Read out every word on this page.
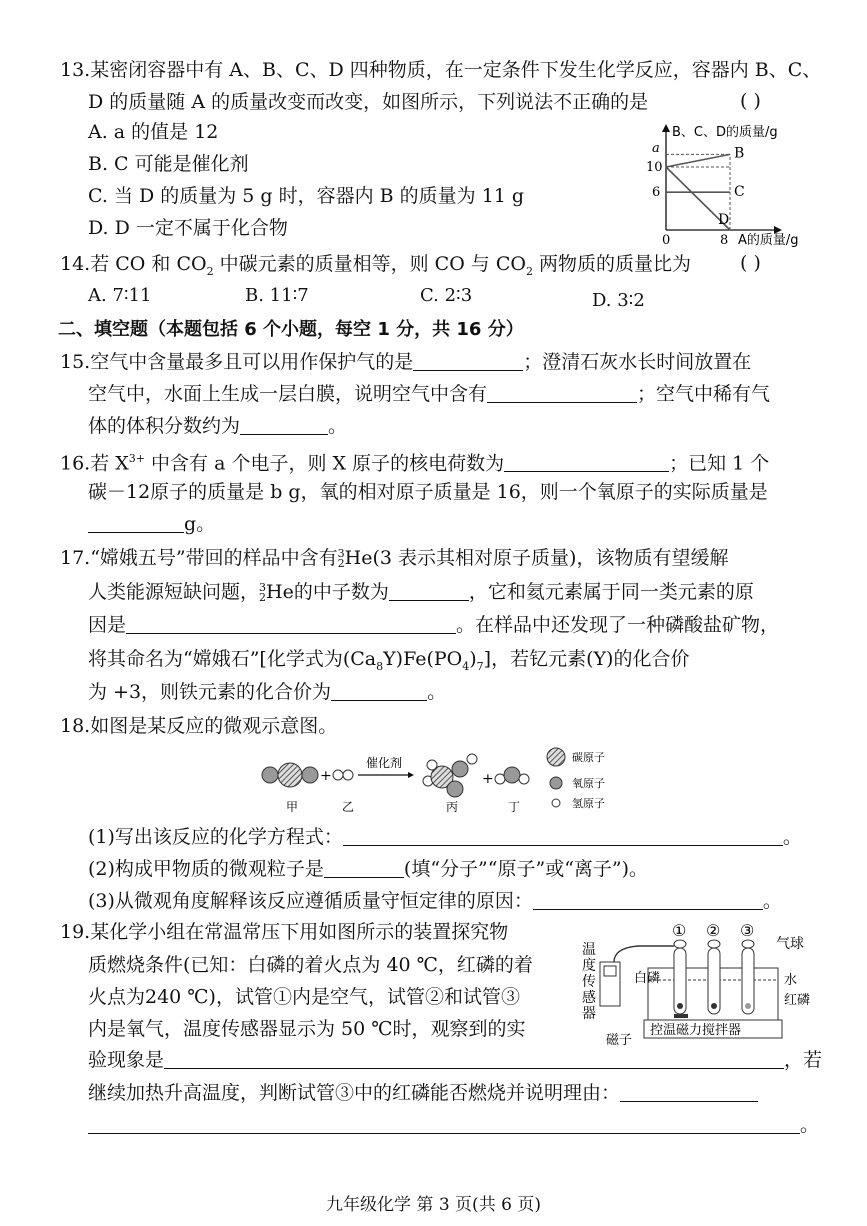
13.某密闭容器中有 A、B、C、D 四种物质，在一定条件下发生化学反应，容器内 B、C、
D 的质量随 A 的质量改变而改变，如图所示，下列说法不正确的是	( )
A. a 的值是 12
B. C 可能是催化剂
C. 当 D 的质量为 5 g 时，容器内 B 的质量为 11 g
D. D 一定不属于化合物
B
C
D
B、C、D的质量/g
A的质量/g
a
10
6
0	8
14.若 CO 和 $CO_2$ 中碳元素的质量相等，则 CO 与 $CO_2$ 两物质的质量比为	( )
A. 7∶11	B. 11∶7	C. 2∶3	D. 3∶2
二、填空题（本题包括 6 个小题，每空 1 分，共 16 分）
15.空气中含量最多且可以用作保护气的是	；澄清石灰水长时间放置在
空气中，水面上生成一层白膜，说明空气中含有	；空气中稀有气
体的体积分数约为	。
16.若 $X^{3+}$ 中含有 a 个电子，则 X 原子的核电荷数为	；已知 1 个
碳－12原子的质量是 b g，氧的相对原子质量是 16，则一个氧原子的实际质量是
g。
17.“嫦娥五号”带回的样品中含有3
2He(3 表示其相对原子质量)，该物质有望缓解
人类能源短缺问题，3
2He的中子数为	，它和氦元素属于同一类元素的原
因是	。在样品中还发现了一种磷酸盐矿物，
将其命名为“嫦娥石”[化学式为$(Ca_8Y)Fe(PO_4)_7$]，若钇元素(Y)的化合价
为 +3，则铁元素的化合价为	。
18.如图是某反应的微观示意图。
+
催化剂
+
甲	乙	丙	丁
碳原子
氧原子
氢原子
(1)写出该反应的化学方程式：	。
(2)构成甲物质的微观粒子是	(填“分子”“原子”或“离子”)。
(3)从微观角度解释该反应遵循质量守恒定律的原因：	。
19.某化学小组在常温常压下用如图所示的装置探究物
质燃烧条件(已知：白磷的着火点为 40 ℃，红磷的着
火点为240 ℃)，试管①内是空气，试管②和试管③
内是氧气，温度传感器显示为 50 ℃时，观察到的实
验现象是	，若
继续加热升高温度，判断试管③中的红磷能否燃烧并说明理由：
。
① ② ③
气球
温度传感器
白磷	水
红磷
控温磁力搅拌器
磁子
九年级化学 第 3 页(共 6 页)
